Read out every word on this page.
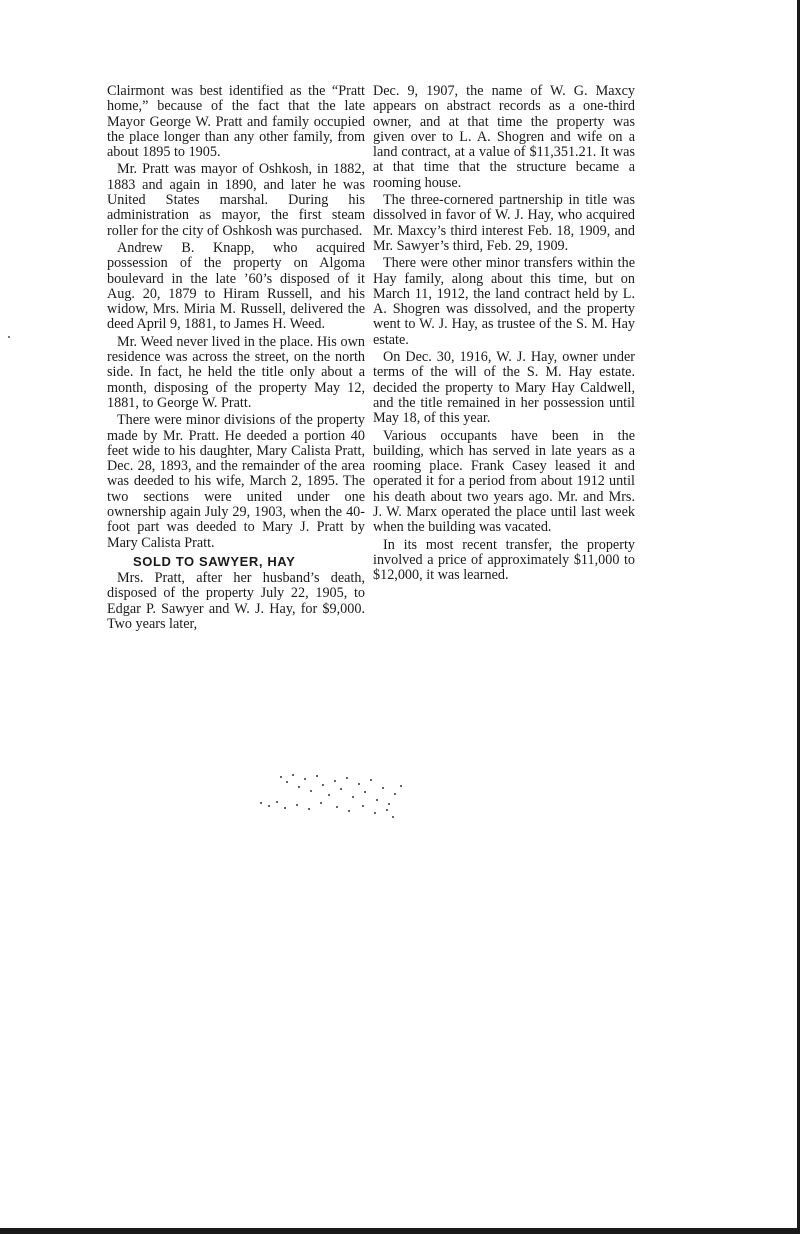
Clairmont was best identified as the “Pratt home,” because of the fact that the late Mayor George W. Pratt and family occupied the place longer than any other family, from about 1895 to 1905.

Mr. Pratt was mayor of Oshkosh, in 1882, 1883 and again in 1890, and later he was United States marshal. During his administration as mayor, the first steam roller for the city of Oshkosh was purchased.

Andrew B. Knapp, who acquired possession of the property on Algoma boulevard in the late ’60’s disposed of it Aug. 20, 1879 to Hiram Russell, and his widow, Mrs. Miria M. Russell, delivered the deed April 9, 1881, to James H. Weed.

Mr. Weed never lived in the place. His own residence was across the street, on the north side. In fact, he held the title only about a month, disposing of the property May 12, 1881, to George W. Pratt.

There were minor divisions of the property made by Mr. Pratt. He deeded a portion 40 feet wide to his daughter, Mary Calista Pratt, Dec. 28, 1893, and the remainder of the area was deeded to his wife, March 2, 1895. The two sections were united under one ownership again July 29, 1903, when the 40-foot part was deeded to Mary J. Pratt by Mary Calista Pratt.

SOLD TO SAWYER, HAY

Mrs. Pratt, after her husband’s death, disposed of the property July 22, 1905, to Edgar P. Sawyer and W. J. Hay, for $9,000. Two years later,

Dec. 9, 1907, the name of W. G. Maxcy appears on abstract records as a one-third owner, and at that time the property was given over to L. A. Shogren and wife on a land contract, at a value of $11,351.21. It was at that time that the structure became a rooming house.

The three-cornered partnership in title was dissolved in favor of W. J. Hay, who acquired Mr. Maxcy’s third interest Feb. 18, 1909, and Mr. Sawyer’s third, Feb. 29, 1909.

There were other minor transfers within the Hay family, along about this time, but on March 11, 1912, the land contract held by L. A. Shogren was dissolved, and the property went to W. J. Hay, as trustee of the S. M. Hay estate.

On Dec. 30, 1916, W. J. Hay, owner under terms of the will of the S. M. Hay estate. decided the property to Mary Hay Caldwell, and the title remained in her possession until May 18, of this year.

Various occupants have been in the building, which has served in late years as a rooming place. Frank Casey leased it and operated it for a period from about 1912 until his death about two years ago. Mr. and Mrs. J. W. Marx operated the place until last week when the building was vacated.

In its most recent transfer, the property involved a price of approximately $11,000 to $12,000, it was learned.
